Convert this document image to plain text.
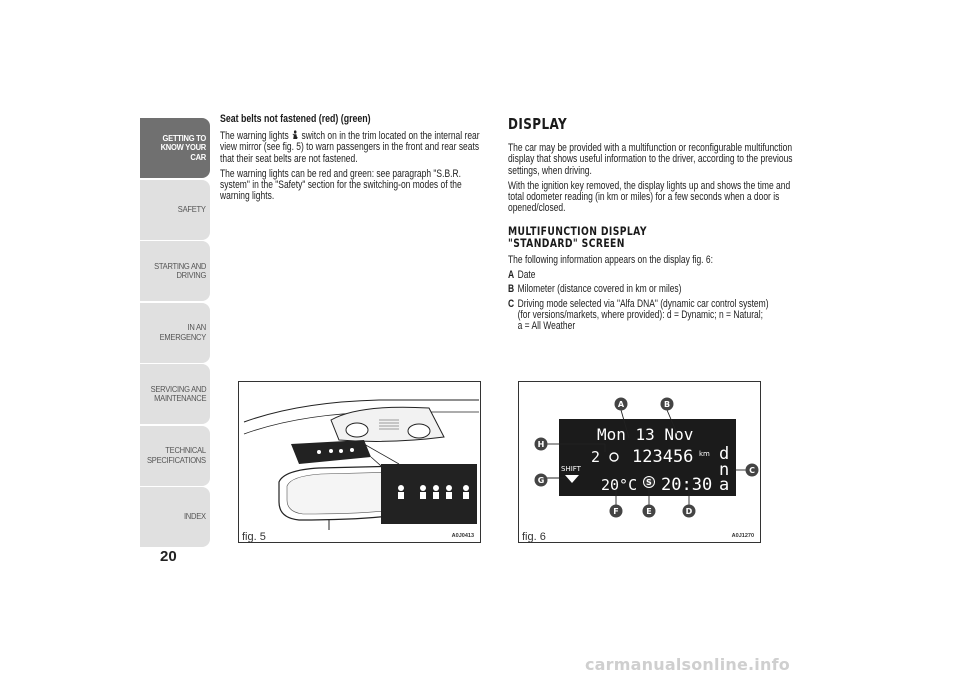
GETTING TO
KNOW YOUR CAR
SAFETY
STARTING AND
DRIVING
IN AN EMERGENCY
SERVICING AND
MAINTENANCE
TECHNICAL
SPECIFICATIONS
INDEX
20
Seat belts not fastened (red) (green)
The warning lights switch on in the trim located on the internal rear view mirror (see fig. 5) to warn passengers in the front and rear seats that their seat belts are not fastened.
The warning lights can be red and green: see paragraph "S.B.R. system" in the "Safety" section for the switching-on modes of the warning lights.
DISPLAY
The car may be provided with a multifunction or reconfigurable multifunction display that shows useful information to the driver, according to the previous settings, when driving.
With the ignition key removed, the display lights up and shows the time and total odometer reading (in km or miles) for a few seconds when a door is opened/closed.
MULTIFUNCTION DISPLAY
"STANDARD" SCREEN
The following information appears on the display fig. 6:
A Date
B Milometer (distance covered in km or miles)
C Driving mode selected via "Alfa DNA" (dynamic car control system)
(for versions/markets, where provided): d = Dynamic; n = Natural;
a = All Weather
fig. 5	A0J0413
Mon 13 Nov
2 123456 km d
n
a
SHIFT
20°C 20:30
S
A	B
C
D
E
F
G
H
fig. 6	A0J1270
carmanualsonline.info
